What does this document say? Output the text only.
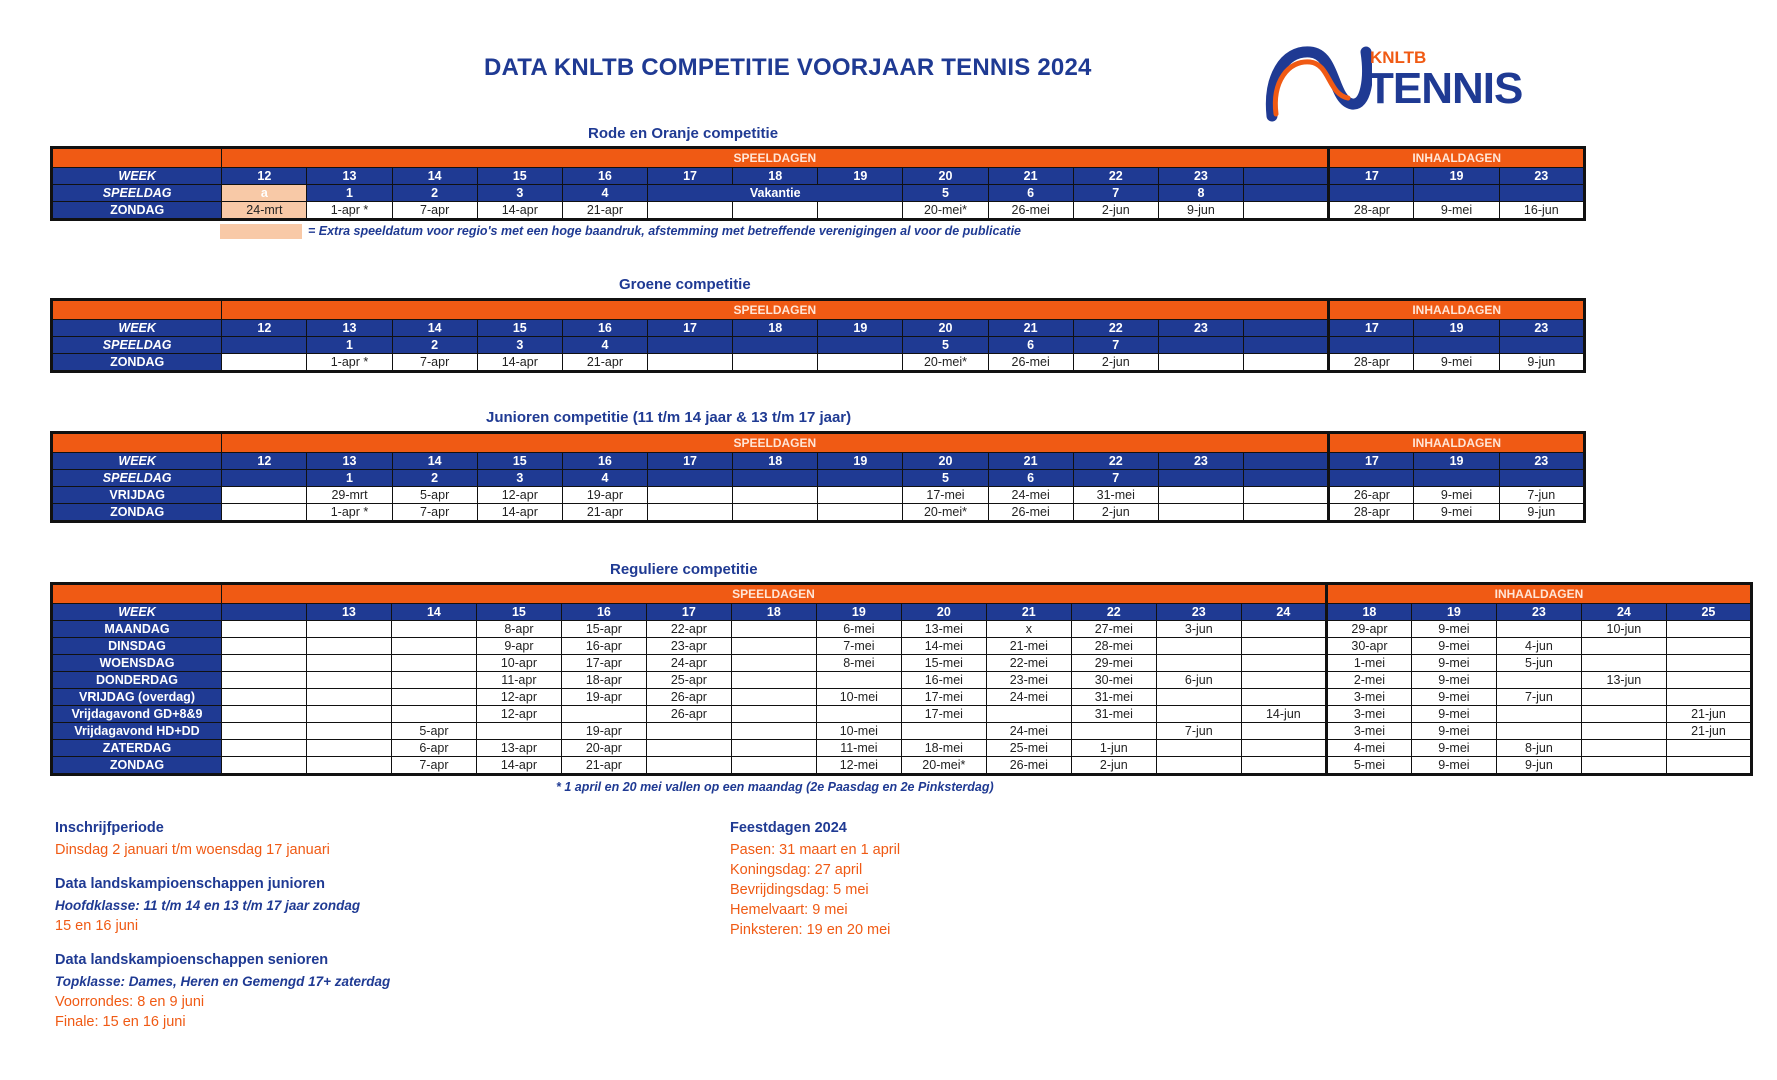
DATA KNLTB COMPETITIE VOORJAAR TENNIS 2024	KNLTB
TENNIS
Rode en Oranje competitie
Groene competitie
Junioren competitie (11 t/m 14 jaar & 13 t/m 17 jaar)
Reguliere competitie
	SPEELDAGEN													INHAALDAGEN		
WEEK	12	13	14	15	16	17	18	19	20	21	22	23		17	19	23
SPEELDAG	a	1	2	3	4	Vakantie			5	6	7	8				
ZONDAG	24-mrt	1-apr *	7-apr	14-apr	21-apr				20-mei*	26-mei	2-jun	9-jun		28-apr	9-mei	16-jun
	SPEELDAGEN													INHAALDAGEN		
WEEK	12	13	14	15	16	17	18	19	20	21	22	23		17	19	23
SPEELDAG		1	2	3	4				5	6	7					
ZONDAG		1-apr *	7-apr	14-apr	21-apr				20-mei*	26-mei	2-jun			28-apr	9-mei	9-jun
	SPEELDAGEN													INHAALDAGEN		
WEEK	12	13	14	15	16	17	18	19	20	21	22	23		17	19	23
SPEELDAG		1	2	3	4				5	6	7					
VRIJDAG		29-mrt	5-apr	12-apr	19-apr				17-mei	24-mei	31-mei			26-apr	9-mei	7-jun
ZONDAG		1-apr *	7-apr	14-apr	21-apr				20-mei*	26-mei	2-jun			28-apr	9-mei	9-jun
	SPEELDAGEN													INHAALDAGEN				
WEEK		13	14	15	16	17	18	19	20	21	22	23	24	18	19	23	24	25
MAANDAG				8-apr	15-apr	22-apr		6-mei	13-mei	x	27-mei	3-jun		29-apr	9-mei		10-jun	
DINSDAG				9-apr	16-apr	23-apr		7-mei	14-mei	21-mei	28-mei			30-apr	9-mei	4-jun		
WOENSDAG				10-apr	17-apr	24-apr		8-mei	15-mei	22-mei	29-mei			1-mei	9-mei	5-jun		
DONDERDAG				11-apr	18-apr	25-apr			16-mei	23-mei	30-mei	6-jun		2-mei	9-mei		13-jun	
VRIJDAG (overdag)				12-apr	19-apr	26-apr		10-mei	17-mei	24-mei	31-mei			3-mei	9-mei	7-jun		
Vrijdagavond GD+8&9				12-apr		26-apr			17-mei		31-mei		14-jun	3-mei	9-mei			21-jun
Vrijdagavond HD+DD			5-apr		19-apr			10-mei		24-mei		7-jun		3-mei	9-mei			21-jun
ZATERDAG			6-apr	13-apr	20-apr			11-mei	18-mei	25-mei	1-jun			4-mei	9-mei	8-jun		
ZONDAG			7-apr	14-apr	21-apr			12-mei	20-mei*	26-mei	2-jun			5-mei	9-mei	9-jun		
= Extra speeldatum voor regio's met een hoge baandruk, afstemming met betreffende verenigingen al voor de publicatie
* 1 april en 20 mei vallen op een maandag (2e Paasdag en 2e Pinksterdag)
Inschrijfperiode
Dinsdag 2 januari t/m woensdag 17 januari
Data landskampioenschappen junioren
Hoofdklasse: 11 t/m 14 en 13 t/m 17 jaar zondag
15 en 16 juni
Data landskampioenschappen senioren
Topklasse: Dames, Heren en Gemengd 17+ zaterdag
Voorrondes: 8 en 9 juni
Finale: 15 en 16 juni
Feestdagen 2024
Pasen: 31 maart en 1 april
Koningsdag: 27 april
Bevrijdingsdag: 5 mei
Hemelvaart: 9 mei
Pinksteren: 19 en 20 mei
